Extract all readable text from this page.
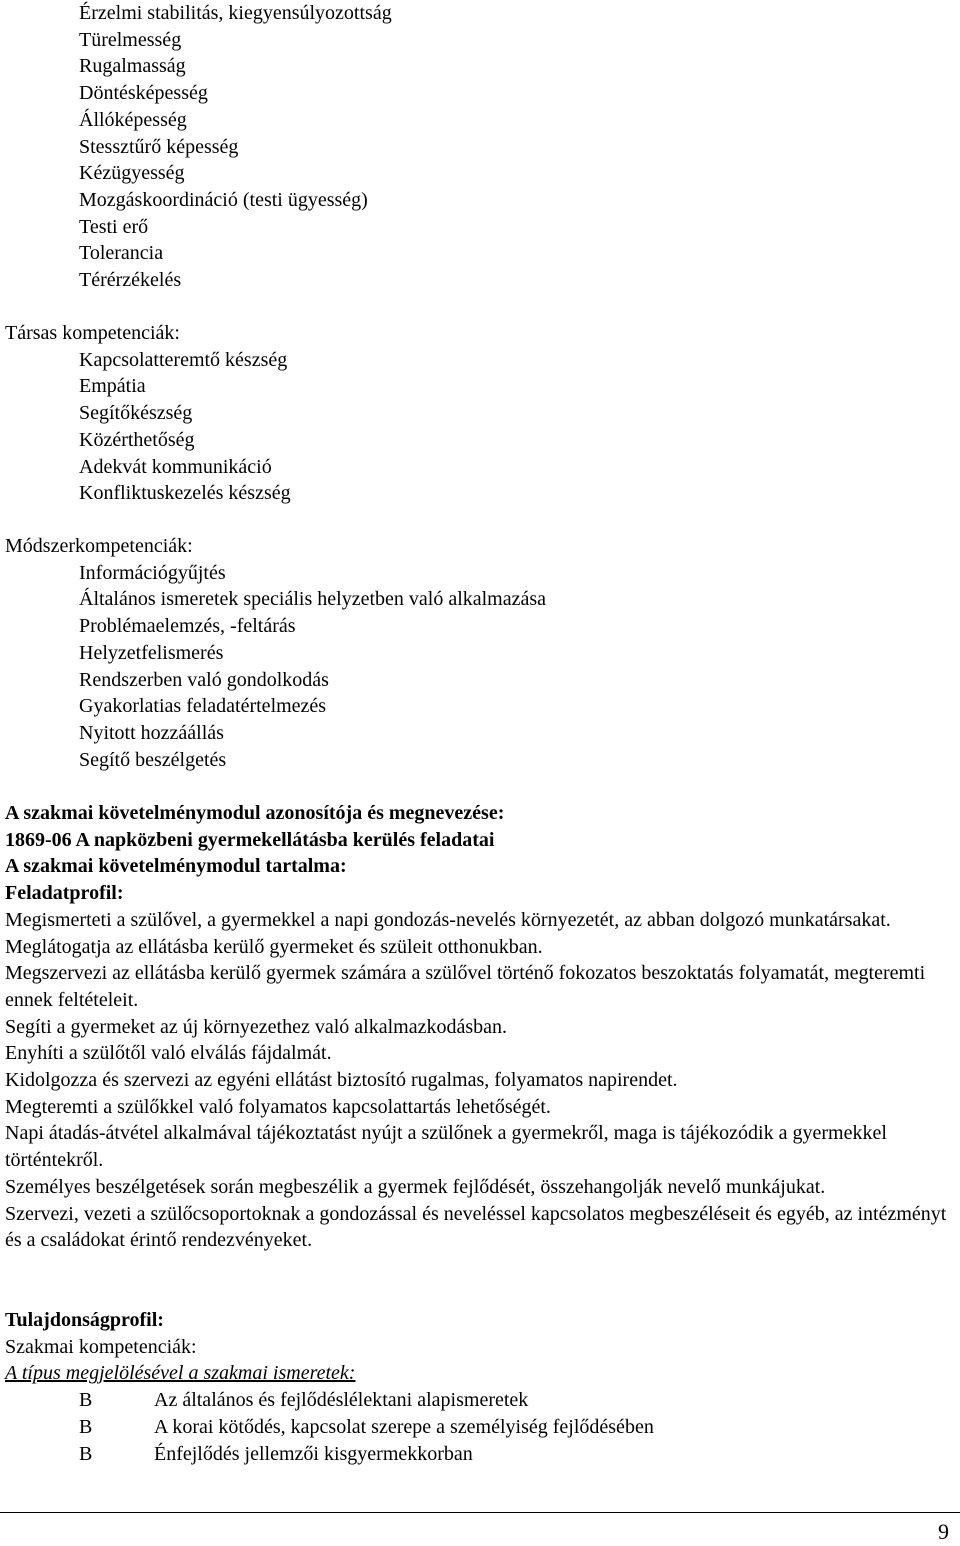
Érzelmi stabilitás, kiegyensúlyozottság
Türelmesség
Rugalmasság
Döntésképesség
Állóképesség
Stessztűrő képesség
Kézügyesség
Mozgáskoordináció (testi ügyesség)
Testi erő
Tolerancia
Térérzékelés
Társas kompetenciák:
Kapcsolatteremtő készség
Empátia
Segítőkészség
Közérthetőség
Adekvát kommunikáció
Konfliktuskezelés készség
Módszerkompetenciák:
Információgyűjtés
Általános ismeretek speciális helyzetben való alkalmazása
Problémaelemzés, -feltárás
Helyzetfelismerés
Rendszerben való gondolkodás
Gyakorlatias feladatértelmezés
Nyitott hozzáállás
Segítő beszélgetés
A szakmai követelménymodul azonosítója és megnevezése:
1869-06 A napközbeni gyermekellátásba kerülés feladatai
A szakmai követelménymodul tartalma:
Feladatprofil:
Megismerteti a szülővel, a gyermekkel a napi gondozás-nevelés környezetét, az abban dolgozó munkatársakat.
Meglátogatja az ellátásba kerülő gyermeket és szüleit otthonukban.
Megszervezi az ellátásba kerülő gyermek számára a szülővel történő fokozatos beszoktatás folyamatát, megteremti ennek feltételeit.
Segíti a gyermeket az új környezethez való alkalmazkodásban.
Enyhíti a szülőtől való elválás fájdalmát.
Kidolgozza és szervezi az egyéni ellátást biztosító rugalmas, folyamatos napirendet.
Megteremti a szülőkkel való folyamatos kapcsolattartás lehetőségét.
Napi átadás-átvétel alkalmával tájékoztatást nyújt a szülőnek a gyermekről, maga is tájékozódik a gyermekkel történtekről.
Személyes beszélgetések során megbeszélik a gyermek fejlődését, összehangolják nevelő munkájukat.
Szervezi, vezeti a szülőcsoportoknak a gondozással és neveléssel kapcsolatos megbeszéléseit és egyéb, az intézményt és a családokat érintő rendezvényeket.
Tulajdonságprofil:
Szakmai kompetenciák:
A típus megjelölésével a szakmai ismeretek:
B	Az általános és fejlődéslélektani alapismeretek
B	A korai kötődés, kapcsolat szerepe a személyiség fejlődésében
B	Énfejlődés jellemzői kisgyermekkorban
9
